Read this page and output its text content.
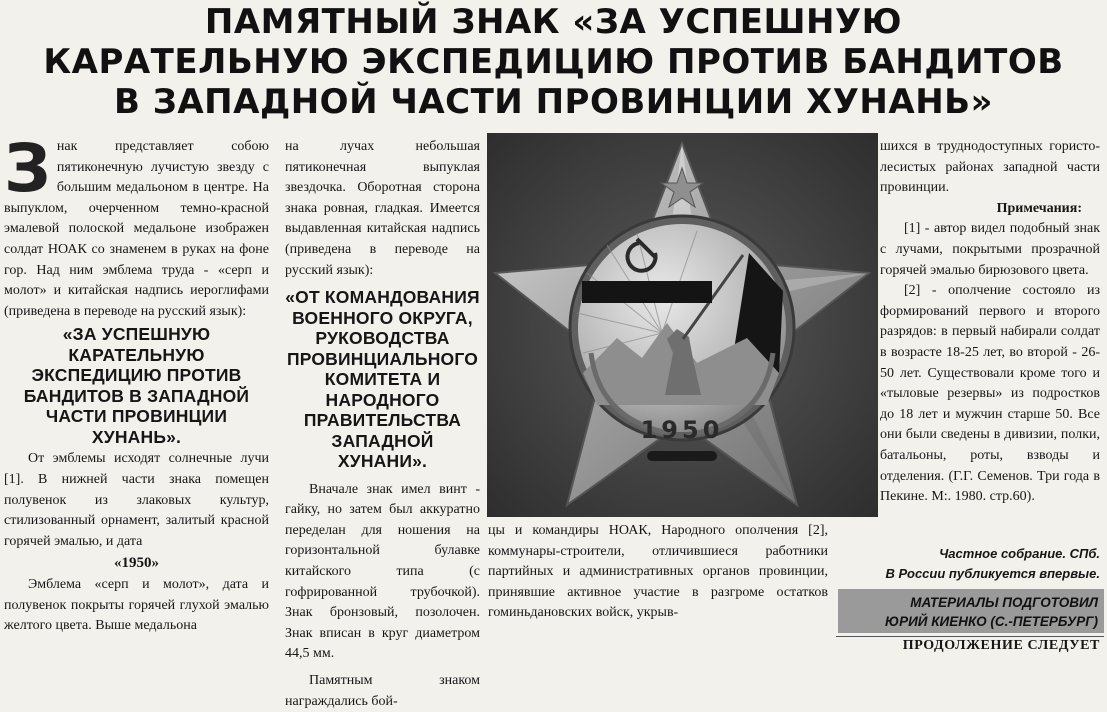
ПАМЯТНЫЙ ЗНАК «ЗА УСПЕШНУЮ
КАРАТЕЛЬНУЮ ЭКСПЕДИЦИЮ ПРОТИВ БАНДИТОВ
В ЗАПАДНОЙ ЧАСТИ ПРОВИНЦИИ ХУНАНЬ»
З нак представляет собою пятиконечную лучистую звезду с большим медальоном в центре. На выпуклом, очерченном темно-красной эмалевой полоской медальоне изображен солдат НОАК со знаменем в руках на фоне гор. Над ним эмблема труда - «серп и молот» и китайская надпись иероглифами (приведена в переводе на русский язык):

«ЗА УСПЕШНУЮ КАРАТЕЛЬНУЮ ЭКСПЕДИЦИЮ ПРОТИВ БАНДИТОВ В ЗАПАДНОЙ ЧАСТИ ПРОВИНЦИИ ХУНАНЬ».

От эмблемы исходят солнечные лучи [1]. В нижней части знака помещен полувенок из злаковых культур, стилизованный орнамент, залитый красной горячей эмалью, и дата

«1950»

Эмблема «серп и молот», дата и полувенок покрыты горячей глухой эмалью желтого цвета. Выше медальона

на лучах небольшая пятиконечная выпуклая звездочка. Оборотная сторона знака ровная, гладкая. Имеется выдавленная китайская надпись (приведена в переводе на русский язык):

«ОТ КОМАНДОВАНИЯ ВОЕННОГО ОКРУГА, РУКОВОДСТВА ПРОВИНЦИАЛЬНОГО КОМИТЕТА И НАРОДНОГО ПРАВИТЕЛЬСТВА ЗАПАДНОЙ ХУНАНИ».

Вначале знак имел винт - гайку, но затем был аккуратно переделан для ношения на горизонтальной булавке китайского типа (с гофрированной трубочкой). Знак бронзовый, позолочен. Знак вписан в круг диаметром 44,5 мм.

Памятным знаком награждались бой-

1950

цы и командиры НОАК, Народного ополчения [2], коммунары-строители, отличившиеся работники партийных и административных органов провинции, принявшие активное участие в разгроме остатков гоминьдановских войск, укрыв-

шихся в труднодоступных гористо-лесистых районах западной части провинции.

Примечания:

[1] - автор видел подобный знак с лучами, покрытыми прозрачной горячей эмалью бирюзового цвета.

[2] - ополчение состояло из формирований первого и второго разрядов: в первый набирали солдат в возрасте 18-25 лет, во второй - 26-50 лет. Существовали кроме того и «тыловые резервы» из подростков до 18 лет и мужчин старше 50. Все они были сведены в дивизии, полки, батальоны, роты, взводы и отделения. (Г.Г. Семенов. Три года в Пекине. М:. 1980. стр.60).

Частное собрание. СПб.
В России публикуется впервые.
МАТЕРИАЛЫ ПОДГОТОВИЛ
ЮРИЙ КИЕНКО (С.-ПЕТЕРБУРГ)
ПРОДОЛЖЕНИЕ СЛЕДУЕТ
